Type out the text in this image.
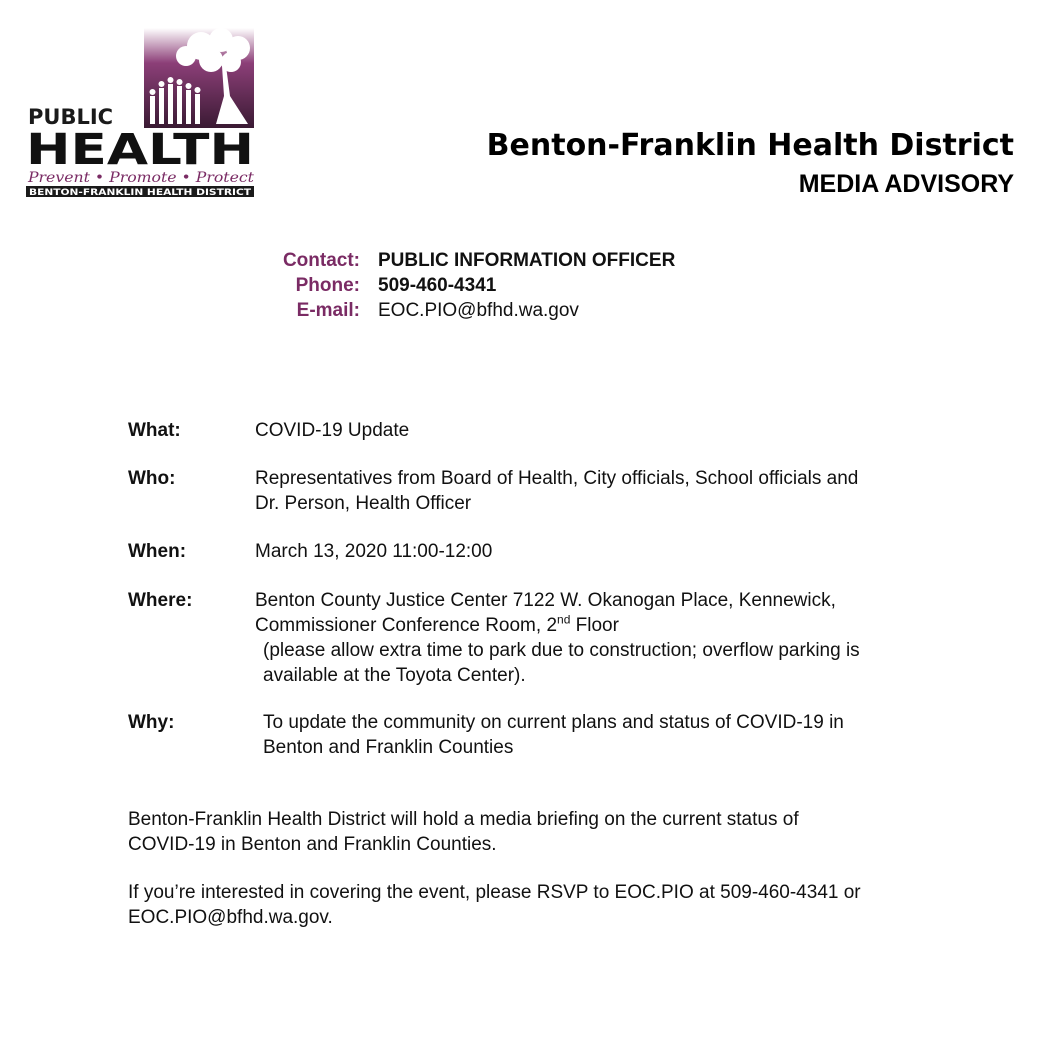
PUBLIC
HEALTH
Prevent • Promote • Protect
BENTON-FRANKLIN HEALTH DISTRICT
Benton-Franklin Health District
MEDIA ADVISORY
Contact: PUBLIC INFORMATION OFFICER
Phone: 509-460-4341
E-mail: EOC.PIO@bfhd.wa.gov
What:	COVID-19 Update
Who:	Representatives from Board of Health, City officials, School officials and
Dr. Person, Health Officer
When:	March 13, 2020 11:00-12:00
Where:	Benton County Justice Center 7122 W. Okanogan Place, Kennewick,
Commissioner Conference Room, 2nd Floor
(please allow extra time to park due to construction; overflow parking is
available at the Toyota Center).
Why:	To update the community on current plans and status of COVID-19 in
Benton and Franklin Counties
Benton-Franklin Health District will hold a media briefing on the current status of
COVID-19 in Benton and Franklin Counties.
If you’re interested in covering the event, please RSVP to EOC.PIO at 509-460-4341 or
EOC.PIO@bfhd.wa.gov.
